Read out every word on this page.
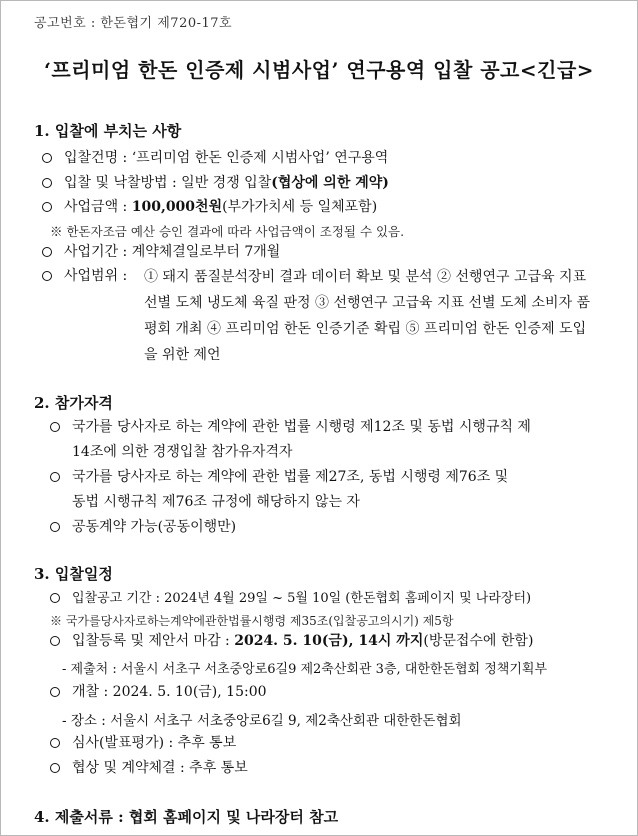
공고번호 : 한돈협기 제720-17호
‘프리미엄 한돈 인증제 시범사업’ 연구용역 입찰 공고<긴급>
1. 입찰에 부치는 사항
입찰건명 : ‘프리미엄 한돈 인증제 시범사업’ 연구용역
입찰 및 낙찰방법 : 일반 경쟁 입찰(협상에 의한 계약)
사업금액 : 100,000천원(부가가치세 등 일체포함)
※ 한돈자조금 예산 승인 결과에 따라 사업금액이 조정될 수 있음.
사업기간 : 계약체결일로부터 7개월
사업범위 : ① 돼지 품질분석장비 결과 데이터 확보 및 분석 ② 선행연구 고급육 지표
선별 도체 냉도체 육질 판정 ③ 선행연구 고급육 지표 선별 도체 소비자 품
평회 개최 ④ 프리미엄 한돈 인증기준 확립 ⑤ 프리미엄 한돈 인증제 도입
을 위한 제언
2. 참가자격
국가를 당사자로 하는 계약에 관한 법률 시행령 제12조 및 동법 시행규칙 제
14조에 의한 경쟁입찰 참가유자격자
국가를 당사자로 하는 계약에 관한 법률 제27조, 동법 시행령 제76조 및
동법 시행규칙 제76조 규정에 해당하지 않는 자
공동계약 가능(공동이행만)
3. 입찰일정
입찰공고 기간 : 2024년 4월 29일 ~ 5월 10일 (한돈협회 홈페이지 및 나라장터)
※ 국가를당사자로하는계약에관한법률시행령 제35조(입찰공고의시기) 제5항
입찰등록 및 제안서 마감 : 2024. 5. 10(금), 14시 까지(방문접수에 한함)
- 제출처 : 서울시 서초구 서초중앙로6길9 제2축산회관 3층, 대한한돈협회 정책기획부
개찰 : 2024. 5. 10(금), 15:00
- 장소 : 서울시 서초구 서초중앙로6길 9, 제2축산회관 대한한돈협회
심사(발표평가) : 추후 통보
협상 및 계약체결 : 추후 통보
4. 제출서류 : 협회 홈페이지 및 나라장터 참고
